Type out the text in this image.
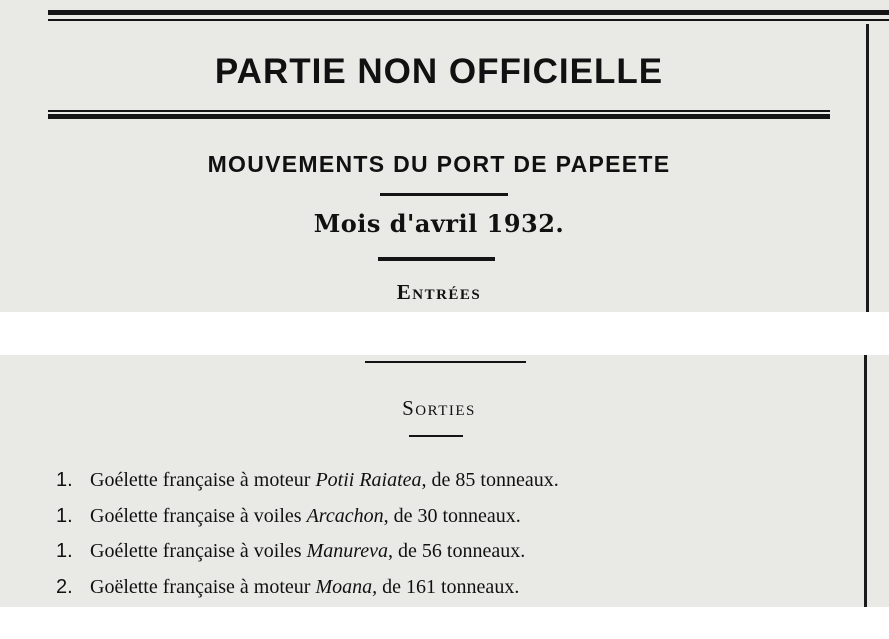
PARTIE NON OFFICIELLE
MOUVEMENTS DU PORT DE PAPEETE
Mois d'avril 1932.
Entrées
Sorties
1. Goélette française à moteur Potii Raiatea, de 85 tonneaux.
1. Goélette française à voiles Arcachon, de 30 tonneaux.
1. Goélette française à voiles Manureva, de 56 tonneaux.
2. Goëlette française à moteur Moana, de 161 tonneaux.
